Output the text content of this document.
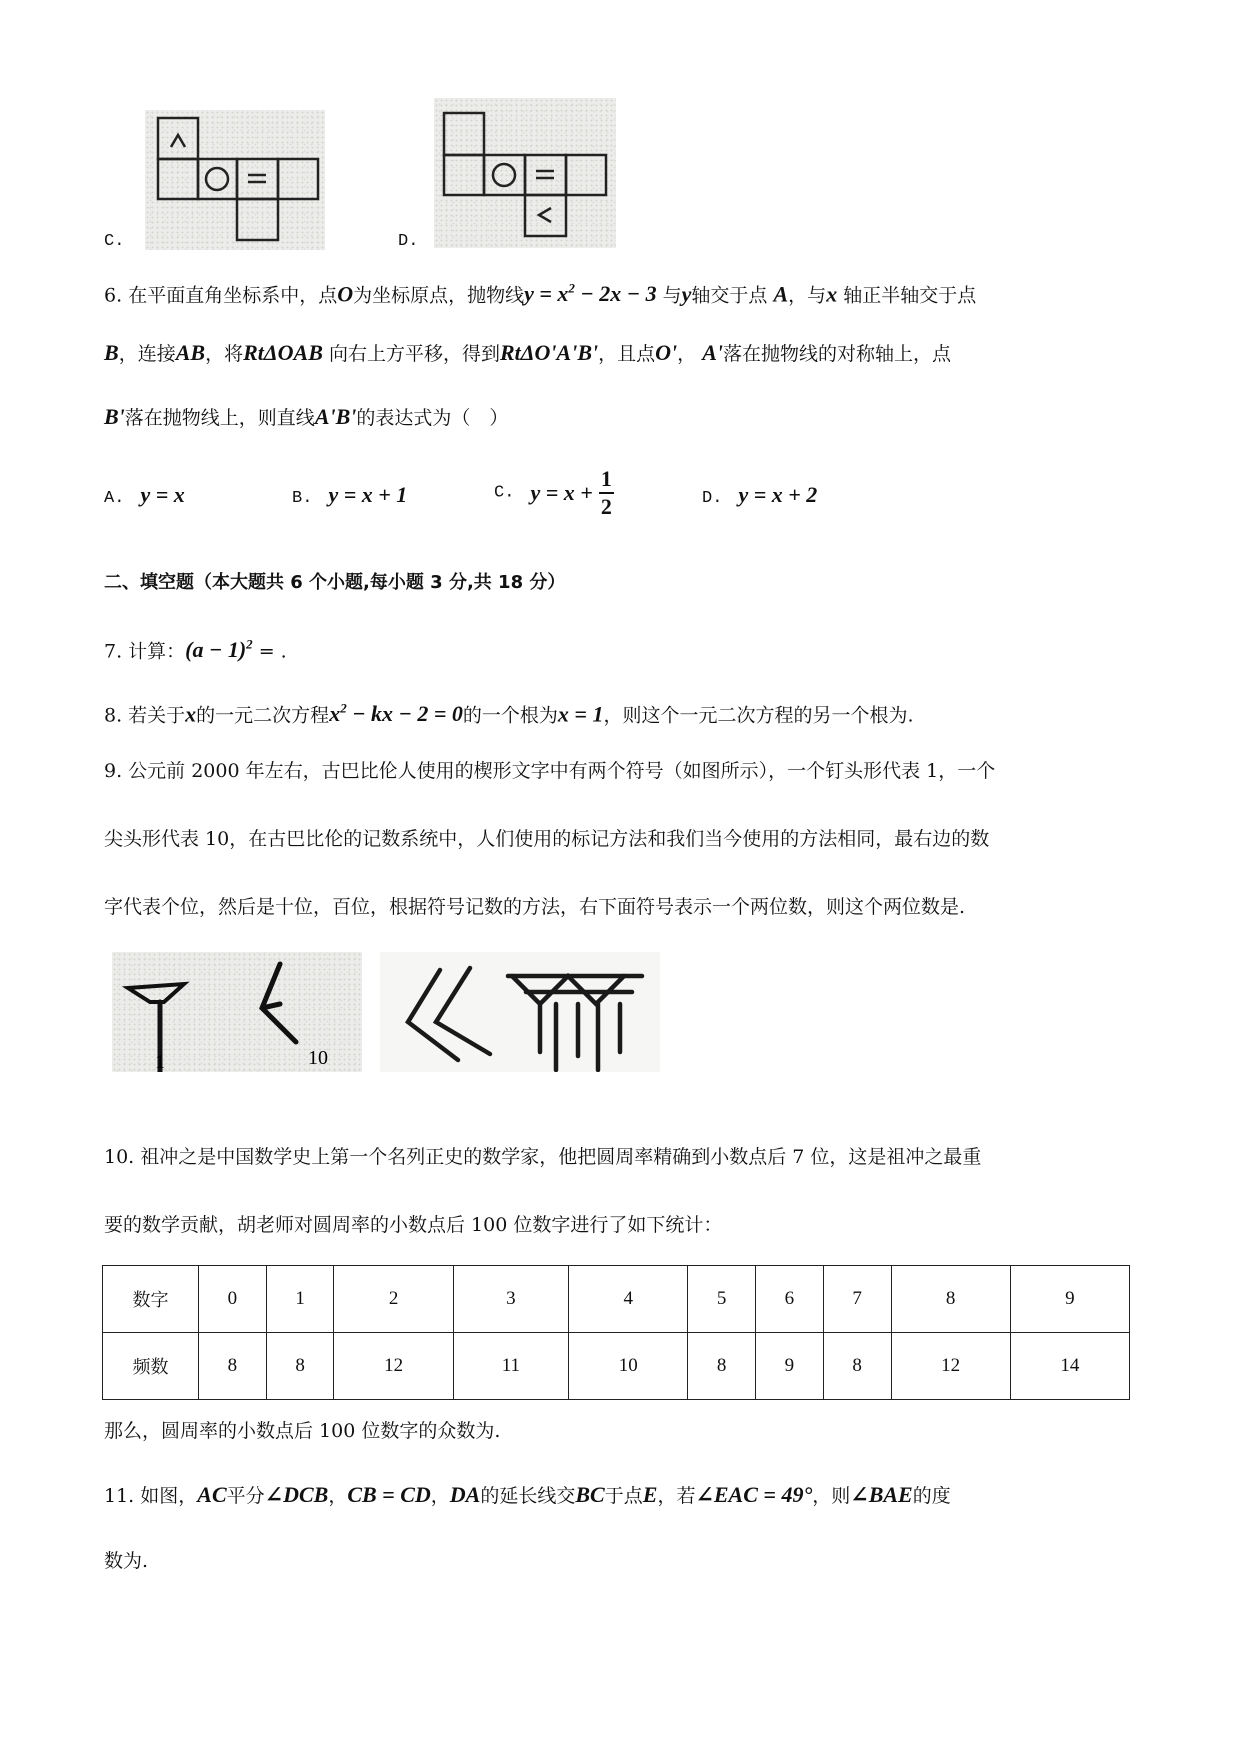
C.	D.
6. 在平面直角坐标系中，点O为坐标原点，抛物线$y = x^2 - 2x - 3$ 与y轴交于点 A，与x 轴正半轴交于点
B，连接AB，将RtΔOAB 向右上方平移，得到RtΔO'A'B'，且点O'， A'落在抛物线的对称轴上，点
B'落在抛物线上，则直线A'B'的表达式为（　）
A. y = x	B. y = x + 1	C. $y = x + \frac{1}{2}$	D. y = x + 2
二、填空题（本大题共 6 个小题,每小题 3 分,共 18 分）
7. 计算：$(a - 1)^2$ = .
8. 若关于x的一元二次方程$x^2$ − kx − 2 = 0的一个根为x = 1，则这个一元二次方程的另一个根为.
9. 公元前 2000 年左右，古巴比伦人使用的楔形文字中有两个符号（如图所示），一个钉头形代表 1，一个
尖头形代表 10，在古巴比伦的记数系统中，人们使用的标记方法和我们当今使用的方法相同，最右边的数
字代表个位，然后是十位，百位，根据符号记数的方法，右下面符号表示一个两位数，则这个两位数是.
1	10
10. 祖冲之是中国数学史上第一个名列正史的数学家，他把圆周率精确到小数点后 7 位，这是祖冲之最重
要的数学贡献，胡老师对圆周率的小数点后 100 位数字进行了如下统计：
数字	0	1	2	3	4	5	6	7	8	9
频数	8	8	12	11	10	8	9	8	12	14
那么，圆周率的小数点后 100 位数字的众数为.
11. 如图，AC平分∠DCB，CB = CD，DA的延长线交BC于点E，若∠EAC = 49°，则∠BAE的度
数为.
